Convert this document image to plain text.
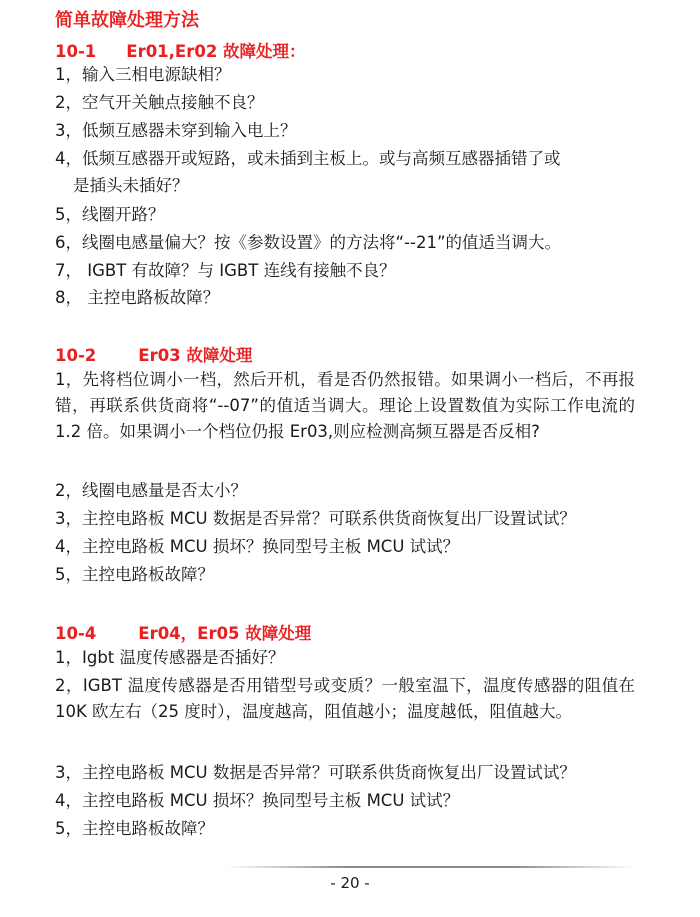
简单故障处理方法
10-1 Er01,Er02 故障处理：
1，输入三相电源缺相？
2，空气开关触点接触不良？
3，低频互感器未穿到输入电上？
4，低频互感器开或短路，或未插到主板上。或与高频互感器插错了或
是插头未插好？
5，线圈开路？
6，线圈电感量偏大？按《参数设置》的方法将“--21”的值适当调大。
7， IGBT 有故障？与 IGBT 连线有接触不良？
8， 主控电路板故障？
10-2	Er03 故障处理
1，先将档位调小一档，然后开机，看是否仍然报错。如果调小一档后，不再报错，再联系供货商将“--07”的值适当调大。理论上设置数值为实际工作电流的 1.2 倍。如果调小一个档位仍报 Er03,则应检测高频互器是否反相?
2，线圈电感量是否太小？
3，主控电路板 MCU 数据是否异常？可联系供货商恢复出厂设置试试？
4，主控电路板 MCU 损坏？换同型号主板 MCU 试试？
5，主控电路板故障？
10-4	Er04，Er05 故障处理
1，Igbt 温度传感器是否插好？
2，IGBT 温度传感器是否用错型号或变质？一般室温下，温度传感器的阻值在 10K 欧左右（25 度时），温度越高，阻值越小；温度越低，阻值越大。
3，主控电路板 MCU 数据是否异常？可联系供货商恢复出厂设置试试？
4，主控电路板 MCU 损坏？换同型号主板 MCU 试试？
5，主控电路板故障？
- 20 -
